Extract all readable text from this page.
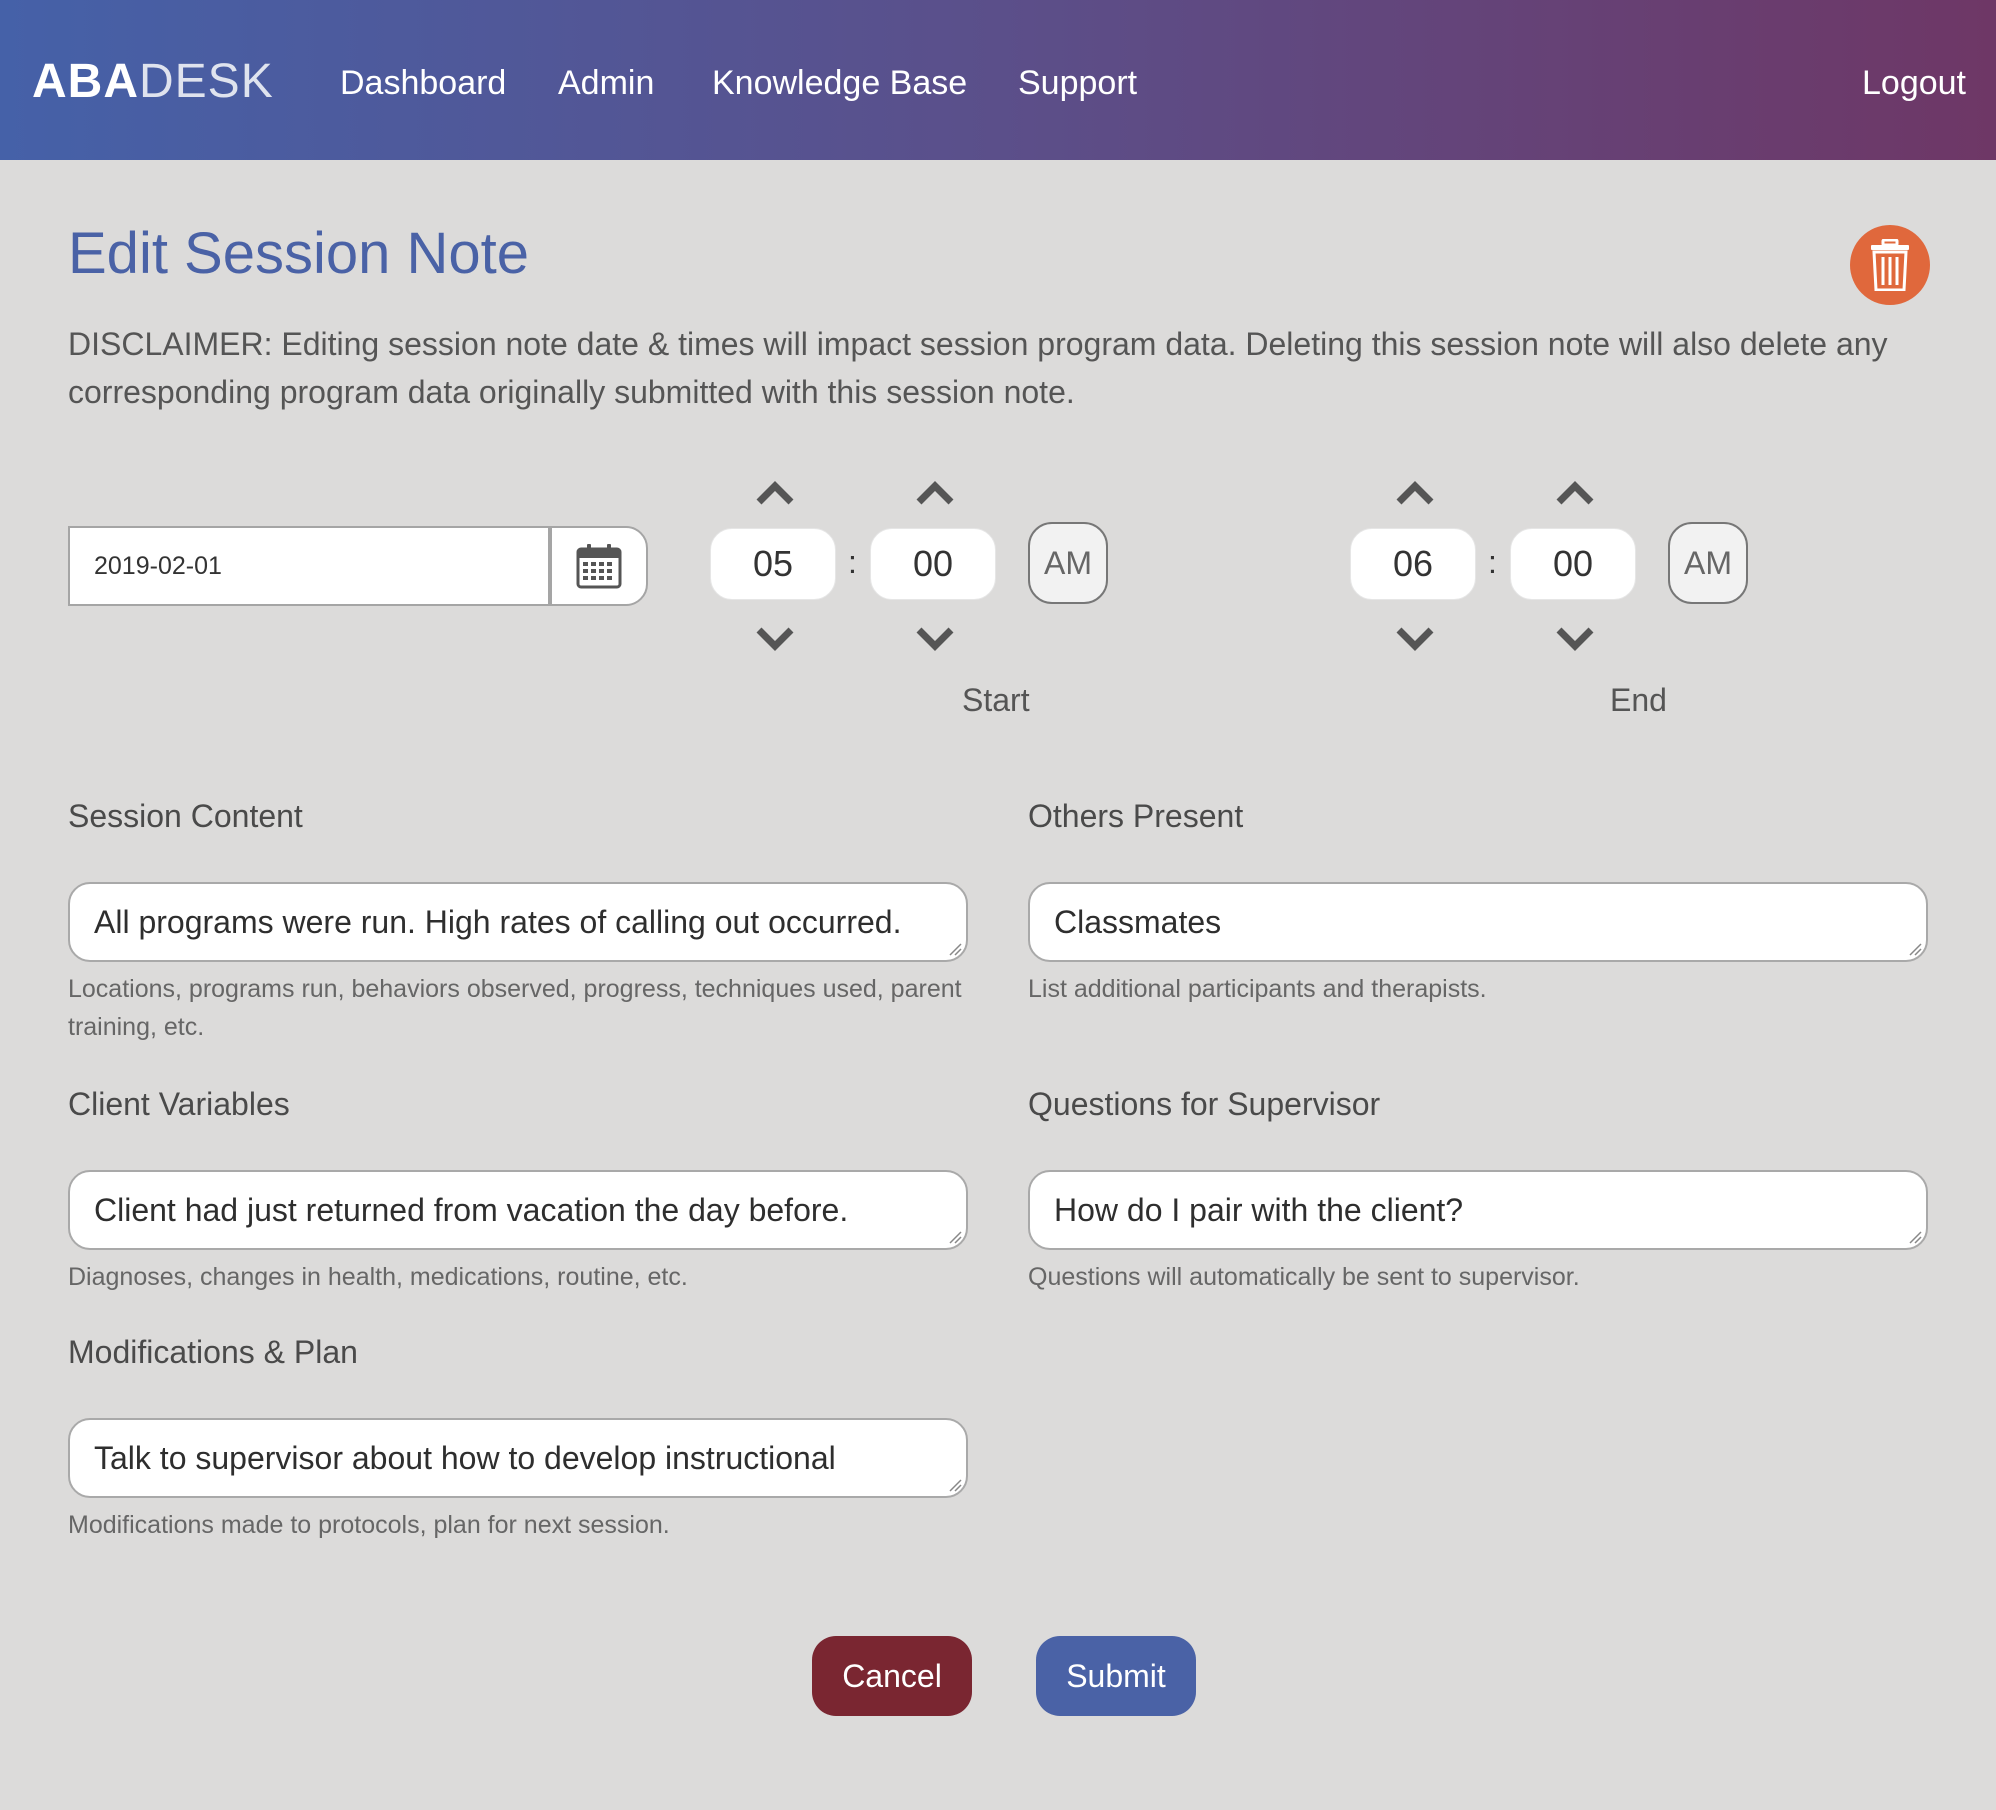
ABADESK Dashboard Admin Knowledge Base Support	Logout
Edit Session Note
DISCLAIMER: Editing session note date & times will impact session program data. Deleting this session note will also delete any corresponding program data originally submitted with this session note.
2019-02-01	05	:	00	AM
Start
06	:	00	AM
End
Session Content
All programs were run. High rates of calling out occurred.
Locations, programs run, behaviors observed, progress, techniques used, parent training, etc.
Others Present
Classmates
List additional participants and therapists.
Client Variables
Client had just returned from vacation the day before.
Diagnoses, changes in health, medications, routine, etc.
Questions for Supervisor
How do I pair with the client?
Questions will automatically be sent to supervisor.
Modifications & Plan
Talk to supervisor about how to develop instructional
Modifications made to protocols, plan for next session.
Cancel	Submit
